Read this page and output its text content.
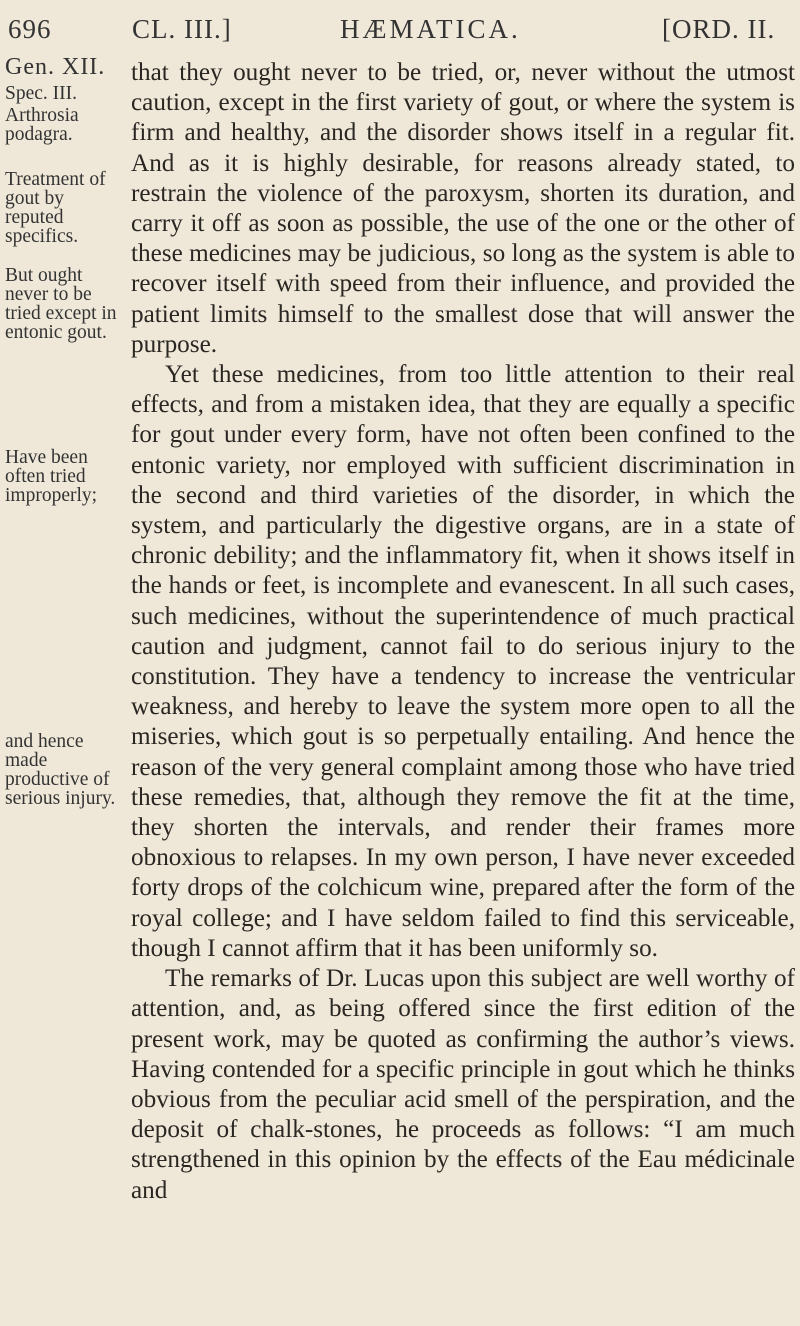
696	CL. III.]	HÆMATICA.	[ORD. II.
Gen. XII.
Spec. III.
Arthrosia podagra.
Treatment of gout by reputed specifics.
But ought never to be tried except in entonic gout.
Have been often tried improperly;
and hence made productive of serious injury.

that they ought never to be tried, or, never without the utmost caution, except in the first variety of gout, or where the system is firm and healthy, and the disorder shows itself in a regular fit. And as it is highly desirable, for reasons already stated, to restrain the violence of the paroxysm, shorten its duration, and carry it off as soon as possible, the use of the one or the other of these medicines may be judicious, so long as the system is able to recover itself with speed from their influence, and provided the patient limits himself to the smallest dose that will answer the purpose.

Yet these medicines, from too little attention to their real effects, and from a mistaken idea, that they are equally a specific for gout under every form, have not often been confined to the entonic variety, nor employed with sufficient discrimination in the second and third varieties of the disorder, in which the system, and particularly the digestive organs, are in a state of chronic debility; and the inflammatory fit, when it shows itself in the hands or feet, is incomplete and evanescent. In all such cases, such medicines, without the superintendence of much practical caution and judgment, cannot fail to do serious injury to the constitution. They have a tendency to increase the ventricular weakness, and hereby to leave the system more open to all the miseries, which gout is so perpetually entailing. And hence the reason of the very general complaint among those who have tried these remedies, that, although they remove the fit at the time, they shorten the intervals, and render their frames more obnoxious to relapses. In my own person, I have never exceeded forty drops of the colchicum wine, prepared after the form of the royal college; and I have seldom failed to find this serviceable, though I cannot affirm that it has been uniformly so.

The remarks of Dr. Lucas upon this subject are well worthy of attention, and, as being offered since the first edition of the present work, may be quoted as confirming the author’s views. Having contended for a specific principle in gout which he thinks obvious from the peculiar acid smell of the perspiration, and the deposit of chalk-stones, he proceeds as follows: “I am much strengthened in this opinion by the effects of the Eau médicinale and
